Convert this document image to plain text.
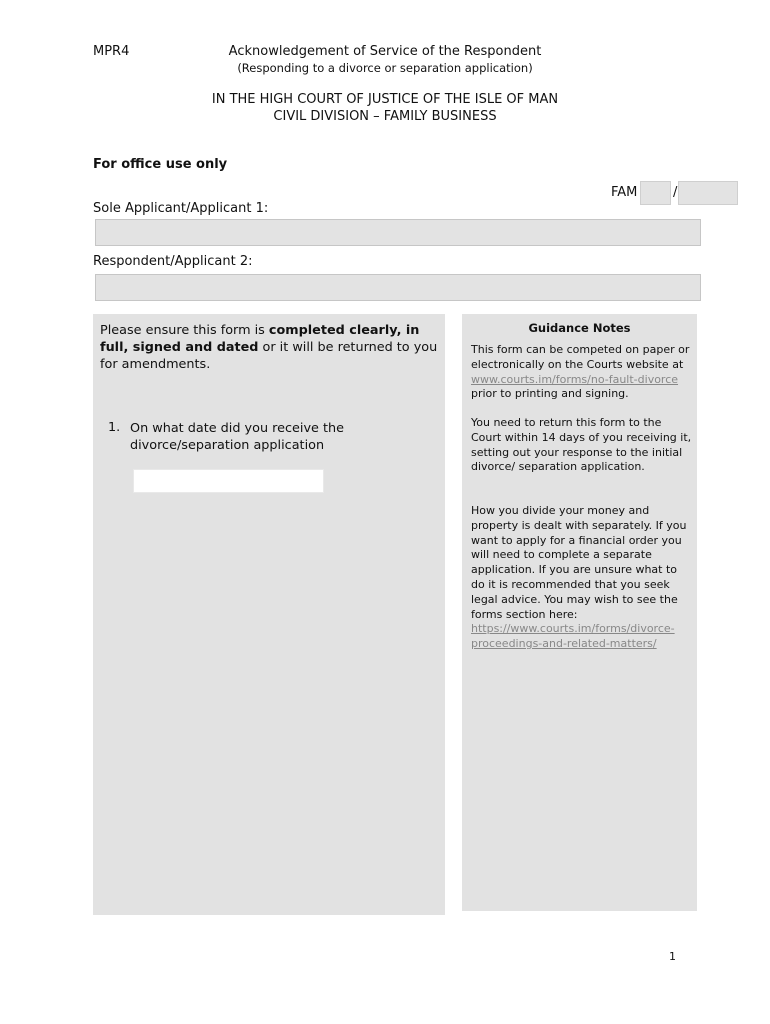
MPR4	Acknowledgement of Service of the Respondent
(Responding to a divorce or separation application)
IN THE HIGH COURT OF JUSTICE OF THE ISLE OF MAN
CIVIL DIVISION – FAMILY BUSINESS
For office use only
FAM	/
Sole Applicant/Applicant 1:
Respondent/Applicant 2:
Please ensure this form is completed clearly, in full, signed and dated or it will be returned to you for amendments.
1. On what date did you receive the divorce/separation application
Guidance Notes
This form can be competed on paper or electronically on the Courts website at www.courts.im/forms/no-fault-divorce prior to printing and signing.
You need to return this form to the Court within 14 days of you receiving it, setting out your response to the initial divorce/ separation application.
How you divide your money and property is dealt with separately. If you want to apply for a financial order you will need to complete a separate application. If you are unsure what to do it is recommended that you seek legal advice. You may wish to see the forms section here: https://www.courts.im/forms/divorce-proceedings-and-related-matters/
1
